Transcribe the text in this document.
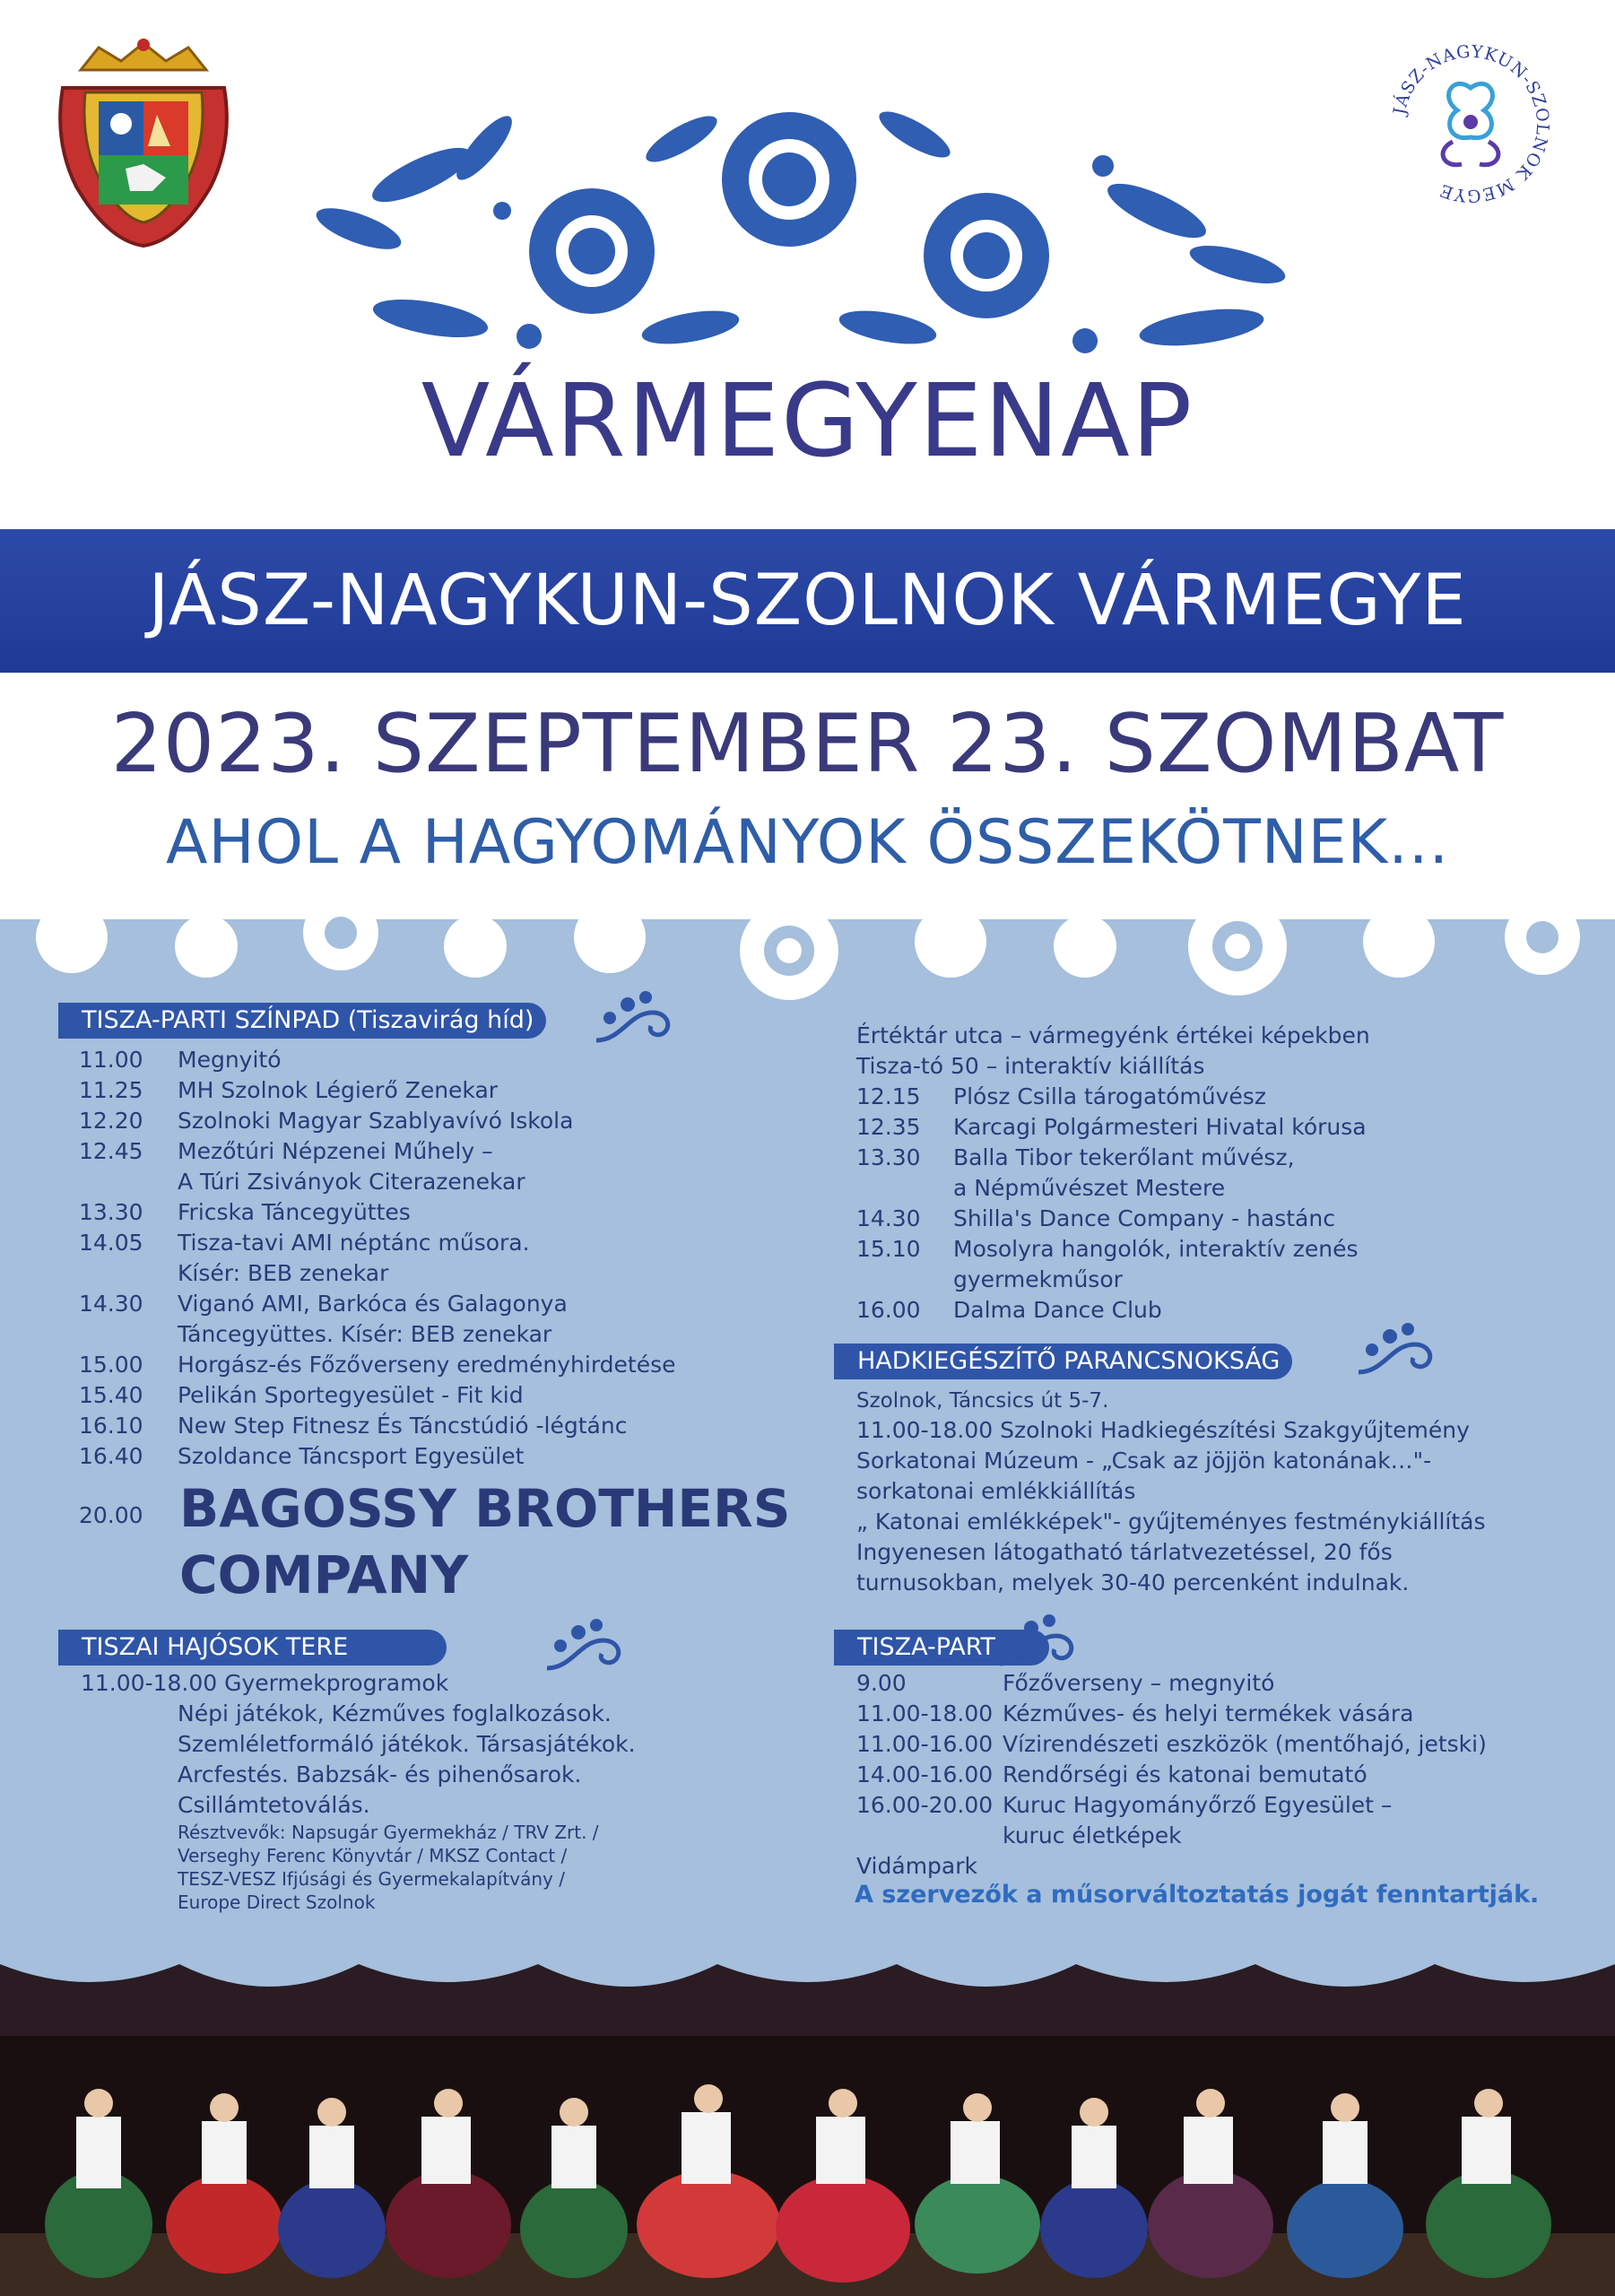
JÁSZ-NAGYKUN-SZOLNOK MEGYE
VÁRMEGYENAP
JÁSZ-NAGYKUN-SZOLNOK VÁRMEGYE
2023. SZEPTEMBER 23. SZOMBAT
AHOL A HAGYOMÁNYOK ÖSSZEKÖTNEK...
TISZA-PARTI SZÍNPAD (Tiszavirág híd)
20.00 BAGOSSY BROTHERS
COMPANY
TISZAI HAJÓSOK TERE
11.00-18.00 Gyermekprogramok
HADKIEGÉSZÍTŐ PARANCSNOKSÁG
Szolnok, Táncsics út 5-7.
TISZA-PART
Vidámpark
A szervezők a műsorváltoztatás jogát fenntartják.
11.00 Megnyitó
11.25 MH Szolnok Légierő Zenekar
12.20 Szolnoki Magyar Szablyavívó Iskola
12.45 Mezőtúri Népzenei Műhely –
A Túri Zsiványok Citerazenekar
13.30 Fricska Táncegyüttes
14.05 Tisza-tavi AMI néptánc műsora.
Kísér: BEB zenekar
14.30 Viganó AMI, Barkóca és Galagonya
Táncegyüttes. Kísér: BEB zenekar
15.00 Horgász-és Főzőverseny eredményhirdetése
15.40 Pelikán Sportegyesület - Fit kid
16.10 New Step Fitnesz És Táncstúdió -légtánc
16.40 Szoldance Táncsport Egyesület
Népi játékok, Kézműves foglalkozások.
Szemléletformáló játékok. Társasjátékok.
Arcfestés. Babzsák- és pihenősarok.
Csillámtetoválás.
Résztvevők: Napsugár Gyermekház / TRV Zrt. /
Verseghy Ferenc Könyvtár / MKSZ Contact /
TESZ-VESZ Ifjúsági és Gyermekalapítvány /
Europe Direct Szolnok
Értéktár utca – vármegyénk értékei képekben
Tisza-tó 50 – interaktív kiállítás
12.15 Plósz Csilla tárogatóművész
12.35 Karcagi Polgármesteri Hivatal kórusa
13.30 Balla Tibor tekerőlant művész,
a Népművészet Mestere
14.30 Shilla's Dance Company - hastánc
15.10 Mosolyra hangolók, interaktív zenés
gyermekműsor
16.00 Dalma Dance Club
11.00-18.00 Szolnoki Hadkiegészítési Szakgyűjtemény
Sorkatonai Múzeum - „Csak az jöjjön katonának…"-
sorkatonai emlékkiállítás
„ Katonai emlékképek"- gyűjteményes festménykiállítás
Ingyenesen látogatható tárlatvezetéssel, 20 fős
turnusokban, melyek 30-40 percenként indulnak.
9.00	Főzőverseny – megnyitó
11.00-18.00 Kézműves- és helyi termékek vására
11.00-16.00 Vízirendészeti eszközök (mentőhajó, jetski)
14.00-16.00 Rendőrségi és katonai bemutató
16.00-20.00 Kuruc Hagyományőrző Egyesület –
kuruc életképek
